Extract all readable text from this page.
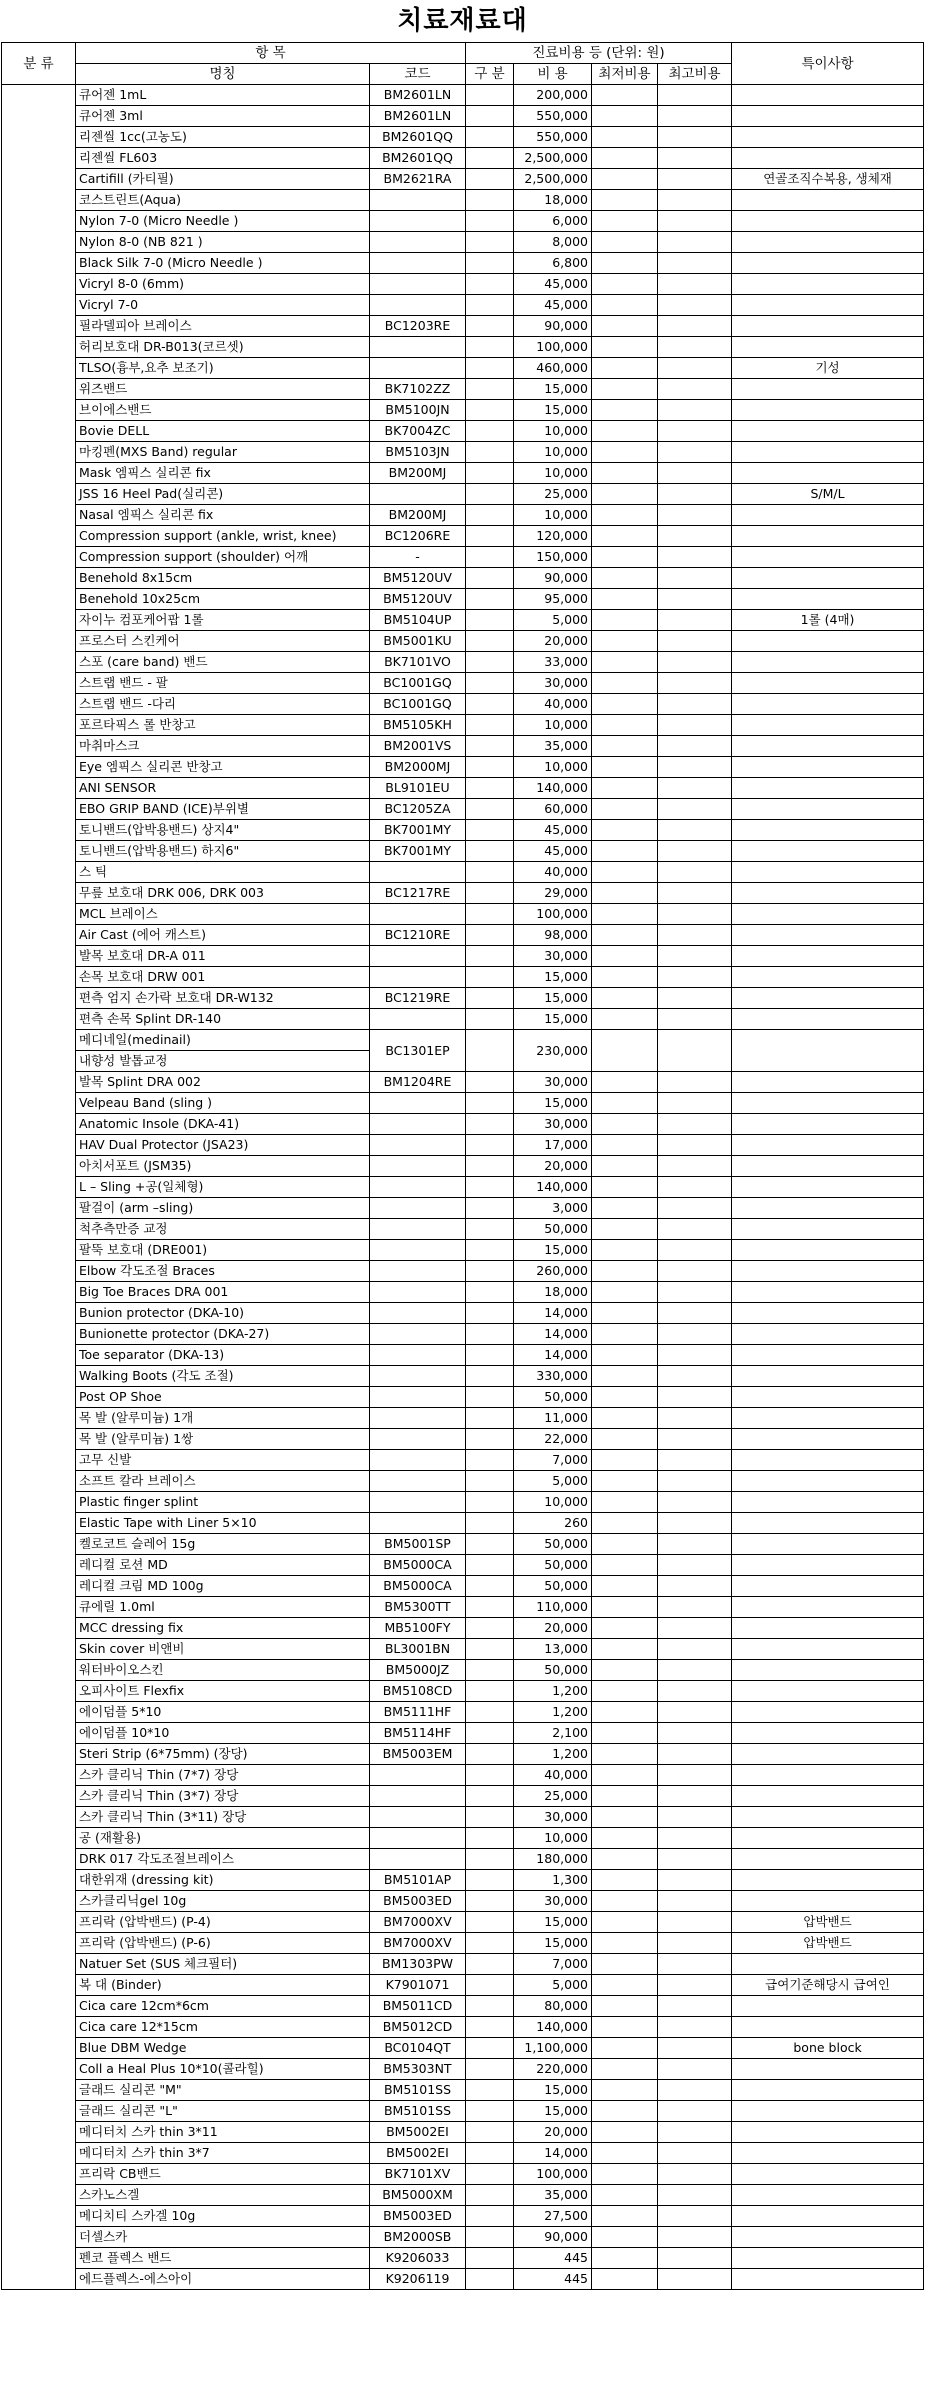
치료재료대
분 류	항 목		진료비용 등 (단위: 원)				특이사항
	명칭	코드	구 분	비 용	최저비용	최고비용	
	큐어젠 1mL	BM2601LN		200,000			
	큐어젠 3ml	BM2601LN		550,000			
	리젠씰 1cc(고농도)	BM2601QQ		550,000			
	리젠씰 FL603	BM2601QQ		2,500,000			
	Cartifill (카티필)	BM2621RA		2,500,000			연골조직수복용, 생체재
	코스트린트(Aqua)			18,000			
	Nylon 7-0 (Micro Needle )			6,000			
	Nylon 8-0 (NB 821 )			8,000			
	Black Silk 7-0 (Micro Needle )			6,800			
	Vicryl 8-0 (6mm)			45,000			
	Vicryl 7-0			45,000			
	필라델피아 브레이스	BC1203RE		90,000			
	허리보호대 DR-B013(코르셋)			100,000			
	TLSO(흉부,요추 보조기)			460,000			기성
	위즈밴드	BK7102ZZ		15,000			
	브이에스밴드	BM5100JN		15,000			
	Bovie DELL	BK7004ZC		10,000			
	마킹펜(MXS Band) regular	BM5103JN		10,000			
	Mask 엠픽스 실리콘 fix	BM200MJ		10,000			
	JSS 16 Heel Pad(실리콘)			25,000			S/M/L
	Nasal 엠픽스 실리콘 fix	BM200MJ		10,000			
	Compression support (ankle, wrist, knee)	BC1206RE		120,000			
	Compression support (shoulder) 어깨	-		150,000			
	Benehold 8x15cm	BM5120UV		90,000			
	Benehold 10x25cm	BM5120UV		95,000			
	자이누 컴포케어팝 1롤	BM5104UP		5,000			1롤 (4매)
	프로스터 스킨케어	BM5001KU		20,000			
	스포 (care band) 밴드	BK7101VO		33,000			
	스트랩 밴드 - 팔	BC1001GQ		30,000			
	스트랩 밴드 -다리	BC1001GQ		40,000			
	포르타픽스 롤 반창고	BM5105KH		10,000			
	마취마스크	BM2001VS		35,000			
	Eye 엠픽스 실리콘 반창고	BM2000MJ		10,000			
	ANI SENSOR	BL9101EU		140,000			
	EBO GRIP BAND (ICE)부위별	BC1205ZA		60,000			
	토니밴드(압박용밴드) 상지4"	BK7001MY		45,000			
	토니밴드(압박용밴드) 하지6"	BK7001MY		45,000			
	스 틱			40,000			
	무릎 보호대 DRK 006, DRK 003	BC1217RE		29,000			
	MCL 브레이스			100,000			
	Air Cast (에어 캐스트)	BC1210RE		98,000			
	발목 보호대 DR-A 011			30,000			
	손목 보호대 DRW 001			15,000			
	편측 엄지 손가락 보호대 DR-W132	BC1219RE		15,000			
	편측 손목 Splint DR-140			15,000			
	메디네일(medinail)	BC1301EP		230,000			
	내향성 발톱교정						
	발목 Splint DRA 002	BM1204RE		30,000			
	Velpeau Band (sling )			15,000			
	Anatomic Insole (DKA-41)			30,000			
	HAV Dual Protector (JSA23)			17,000			
	아치서포트 (JSM35)			20,000			
	L – Sling +공(일체형)			140,000			
	팔걸이 (arm –sling)			3,000			
	척추측만증 교정			50,000			
	팔뚝 보호대 (DRE001)			15,000			
	Elbow 각도조절 Braces			260,000			
	Big Toe Braces DRA 001			18,000			
	Bunion protector (DKA-10)			14,000			
	Bunionette protector (DKA-27)			14,000			
	Toe separator (DKA-13)			14,000			
	Walking Boots (각도 조절)			330,000			
	Post OP Shoe			50,000			
	목 발 (알루미늄) 1개			11,000			
	목 발 (알루미늄) 1쌍			22,000			
	고무 신발			7,000			
	소프트 칼라 브레이스			5,000			
	Plastic finger splint			10,000			
	Elastic Tape with Liner 5×10			260			
	켈로코트 슬레어 15g	BM5001SP		50,000			
	레디컬 로션 MD	BM5000CA		50,000			
	레디컬 크림 MD 100g	BM5000CA		50,000			
	큐에릴 1.0ml	BM5300TT		110,000			
	MCC dressing fix	MB5100FY		20,000			
	Skin cover 비앤비	BL3001BN		13,000			
	워터바이오스킨	BM5000JZ		50,000			
	오피사이트 Flexfix	BM5108CD		1,200			
	에이덤플 5*10	BM5111HF		1,200			
	에이덤플 10*10	BM5114HF		2,100			
	Steri Strip (6*75mm) (장당)	BM5003EM		1,200			
	스카 클리닉 Thin (7*7) 장당			40,000			
	스카 클리닉 Thin (3*7) 장당			25,000			
	스카 클리닉 Thin (3*11) 장당			30,000			
	공 (재활용)			10,000			
	DRK 017 각도조절브레이스			180,000			
	대한위재 (dressing kit)	BM5101AP		1,300			
	스카클리닉gel 10g	BM5003ED		30,000			
	프리락 (압박밴드) (P-4)	BM7000XV		15,000			압박밴드
	프리락 (압박밴드) (P-6)	BM7000XV		15,000			압박밴드
	Natuer Set (SUS 체크필터)	BM1303PW		7,000			
	복 대 (Binder)	K7901071		5,000			급여기준해당시 급여인
	Cica care 12cm*6cm	BM5011CD		80,000			
	Cica care 12*15cm	BM5012CD		140,000			
	Blue DBM Wedge	BC0104QT		1,100,000			bone block
	Coll a Heal Plus 10*10(콜라힐)	BM5303NT		220,000			
	글래드 실리콘 "M"	BM5101SS		15,000			
	글래드 실리콘 "L"	BM5101SS		15,000			
	메디터치 스카 thin 3*11	BM5002EI		20,000			
	메디터치 스카 thin 3*7	BM5002EI		14,000			
	프리락 CB밴드	BK7101XV		100,000			
	스카노스겔	BM5000XM		35,000			
	메디치티 스카겔 10g	BM5003ED		27,500			
	더셀스카	BM2000SB		90,000			
	펜코 플렉스 밴드	K9206033		445			
	에드플렉스-에스아이	K9206119		445			
